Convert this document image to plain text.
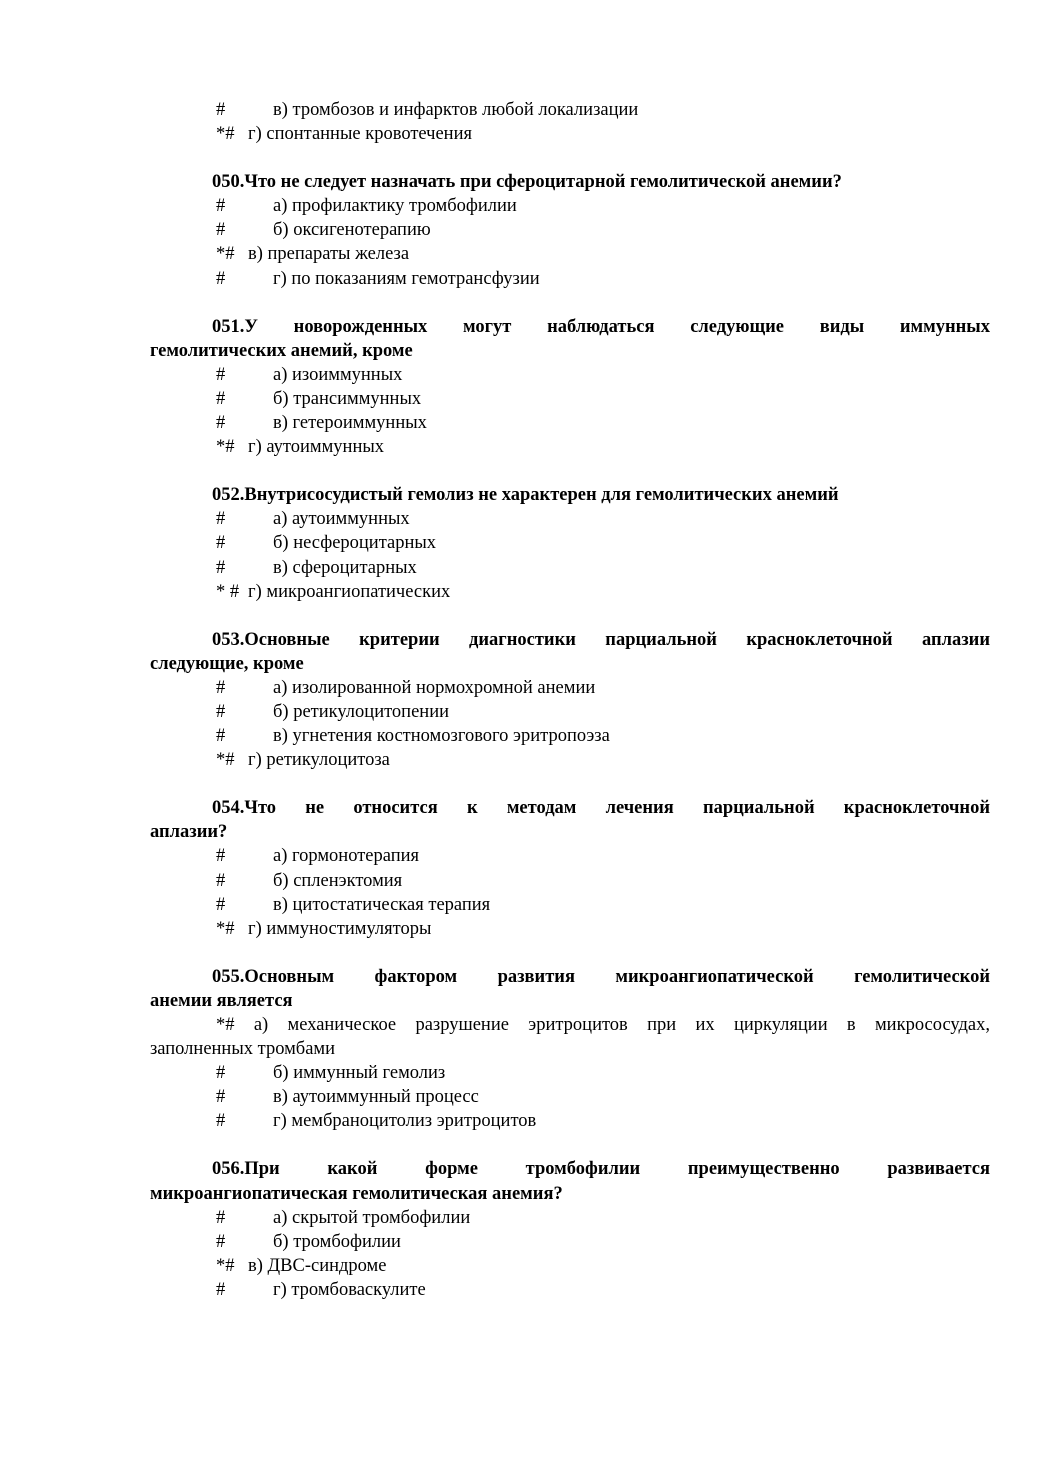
#	в) тромбозов и инфарктов любой локализации
*# г) спонтанные кровотечения
050.Что не следует назначать при сфероцитарной гемолитической анемии?
#	а) профилактику тромбофилии
#	б) оксигенотерапию
*# в) препараты железа
#	г) по показаниям гемотрансфузии
051.У новорожденных могут наблюдаться следующие виды иммунных
гемолитических анемий, кроме
#	а) изоиммунных
#	б) трансиммунных
#	в) гетероиммунных
*# г) аутоиммунных
052.Внутрисосудистый гемолиз не характерен для гемолитических анемий
#	а) аутоиммунных
#	б) несфероцитарных
#	в) сфероцитарных
* # г) микроангиопатических
053.Основные критерии диагностики парциальной красноклеточной аплазии
следующие, кроме
#	а) изолированной нормохромной анемии
#	б) ретикулоцитопении
#	в) угнетения костномозгового эритропоэза
*# г) ретикулоцитоза
054.Что не относится к методам лечения парциальной красноклеточной
аплазии?
#	а) гормонотерапия
#	б) спленэктомия
#	в) цитостатическая терапия
*# г) иммуностимуляторы
055.Основным фактором развития микроангиопатической гемолитической
анемии является
*# а) механическое разрушение эритроцитов при их циркуляции в микрососудах,
заполненных тромбами
#	б) иммунный гемолиз
#	в) аутоиммунный процесс
#	г) мембраноцитолиз эритроцитов
056.При какой форме тромбофилии преимущественно развивается
микроангиопатическая гемолитическая анемия?
#	а) скрытой тромбофилии
#	б) тромбофилии
*# в) ДВС-синдроме
#	г) тромбоваскулите
